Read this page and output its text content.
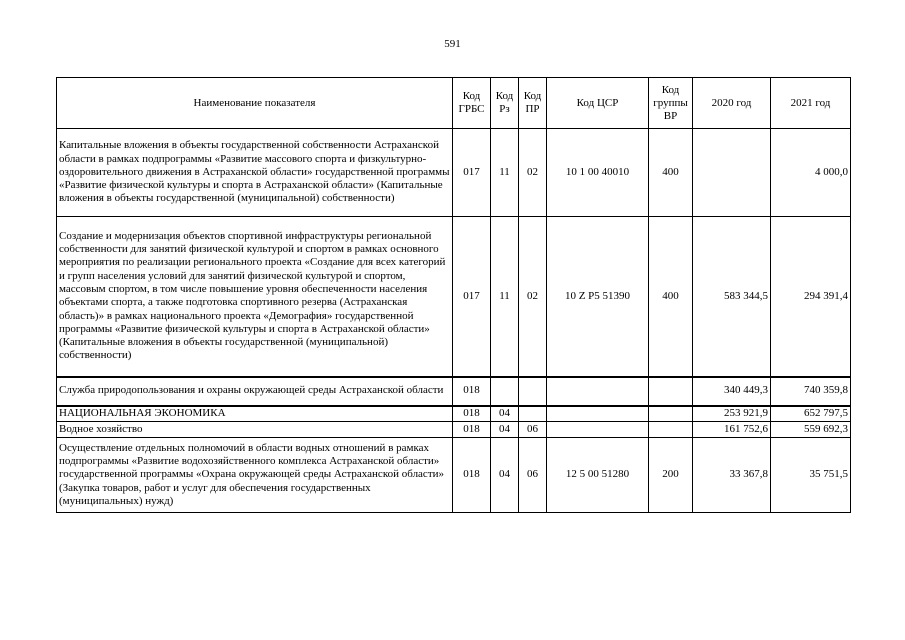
591
Наименование показателя	Код ГРБС	Код Рз	Код ПР	Код ЦСР	Код группы ВР	2020 год	2021 год
Капитальные вложения в объекты государственной собственности Астраханской области в рамках подпрограммы «Развитие массового спорта и физкультурно-оздоровительного движения в Астраханской области» государственной программы «Развитие физической культуры и спорта в Астраханской области» (Капитальные вложения в объекты государственной (муниципальной) собственности)	017	11	02	10 1 00 40010	400		4 000,0
Создание и модернизация объектов спортивной инфраструктуры региональной собственности для занятий физической культурой и спортом в рамках основного мероприятия по реализации регионального проекта «Создание для всех категорий и групп населения условий для занятий физической культурой и спортом, массовым спортом, в том числе повышение уровня обеспеченности населения объектами спорта, а также подготовка спортивного резерва (Астраханская область)» в рамках национального проекта «Демография» государственной программы «Развитие физической культуры и спорта в Астраханской области» (Капитальные вложения в объекты государственной (муниципальной) собственности)	017	11	02	10 Z P5 51390	400	583 344,5	294 391,4
Служба природопользования и охраны окружающей среды Астраханской области	018					340 449,3	740 359,8
НАЦИОНАЛЬНАЯ ЭКОНОМИКА	018	04				253 921,9	652 797,5
Водное хозяйство	018	04	06			161 752,6	559 692,3
Осуществление отдельных полномочий в области водных отношений в рамках подпрограммы «Развитие водохозяйственного комплекса Астраханской области» государственной программы «Охрана окружающей среды Астраханской области» (Закупка товаров, работ и услуг для обеспечения государственных (муниципальных) нужд)	018	04	06	12 5 00 51280	200	33 367,8	35 751,5
